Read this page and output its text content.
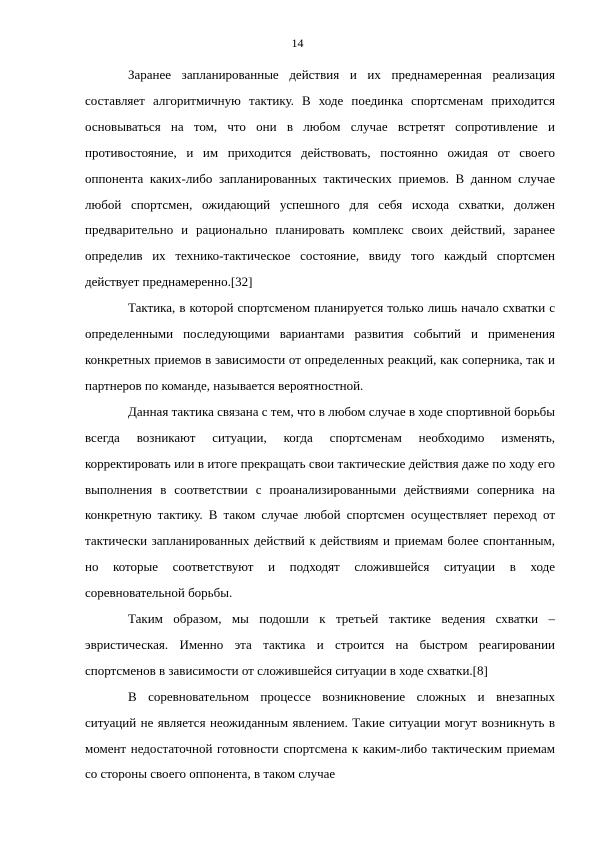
14

Заранее запланированные действия и их преднамеренная реализация составляет алгоритмичную тактику. В ходе поединка спортсменам приходится основываться на том, что они в любом случае встретят сопротивление и противостояние, и им приходится действовать, постоянно ожидая от своего оппонента каких-либо запланированных тактических приемов. В данном случае любой спортсмен, ожидающий успешного для себя исхода схватки, должен предварительно и рационально планировать комплекс своих действий, заранее определив их технико-тактическое состояние, ввиду того каждый спортсмен действует преднамеренно.[32]

Тактика, в которой спортсменом планируется только лишь начало схватки с определенными последующими вариантами развития событий и применения конкретных приемов в зависимости от определенных реакций, как соперника, так и партнеров по команде, называется вероятностной.

Данная тактика связана с тем, что в любом случае в ходе спортивной борьбы всегда возникают ситуации, когда спортсменам необходимо изменять, корректировать или в итоге прекращать свои тактические действия даже по ходу его выполнения в соответствии с проанализированными действиями соперника на конкретную тактику. В таком случае любой спортсмен осуществляет переход от тактически запланированных действий к действиям и приемам более спонтанным, но которые соответствуют и подходят сложившейся ситуации в ходе соревновательной борьбы.

Таким образом, мы подошли к третьей тактике ведения схватки – эвристическая. Именно эта тактика и строится на быстром реагировании спортсменов в зависимости от сложившейся ситуации в ходе схватки.[8]

В соревновательном процессе возникновение сложных и внезапных ситуаций не является неожиданным явлением. Такие ситуации могут возникнуть в момент недостаточной готовности спортсмена к каким-либо тактическим приемам со стороны своего оппонента, в таком случае
